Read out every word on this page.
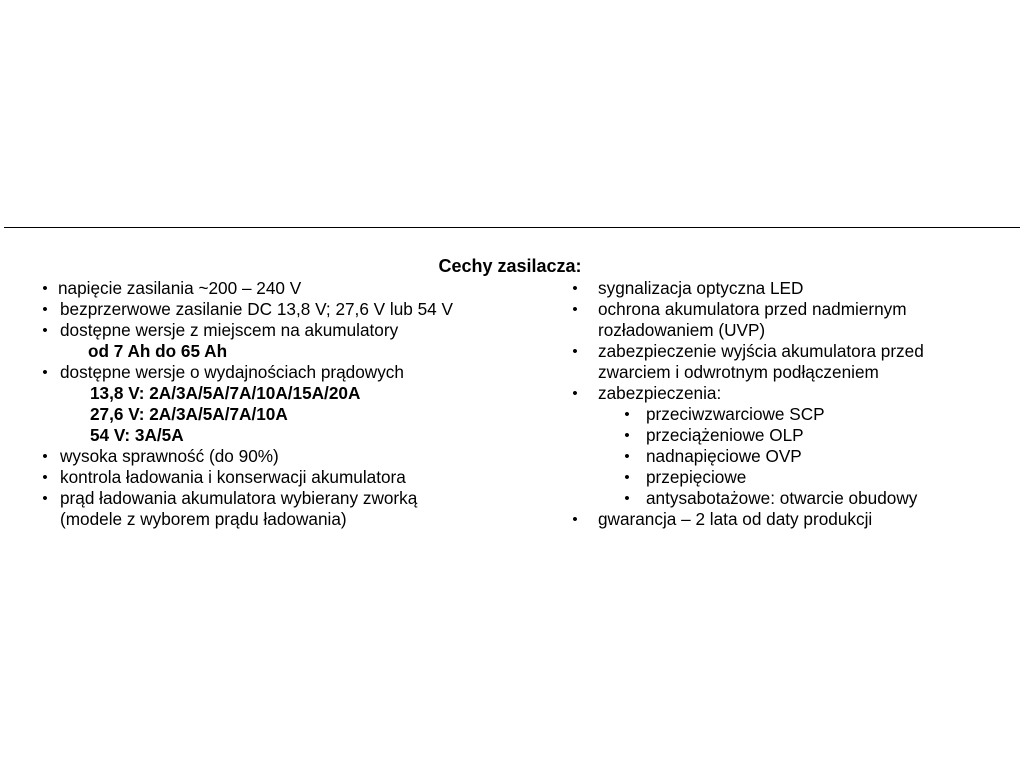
Cechy zasilacza:
• napięcie zasilania ~200 – 240 V
• bezprzerwowe zasilanie DC 13,8 V; 27,6 V lub 54 V
• dostępne wersje z miejscem na akumulatory
od 7 Ah do 65 Ah
• dostępne wersje o wydajnościach prądowych
13,8 V: 2A/3A/5A/7A/10A/15A/20A
27,6 V: 2A/3A/5A/7A/10A
54 V: 3A/5A
• wysoka sprawność (do 90%)
• kontrola ładowania i konserwacji akumulatora
• prąd ładowania akumulatora wybierany zworką
(modele z wyborem prądu ładowania)
• sygnalizacja optyczna LED
• ochrona akumulatora przed nadmiernym
rozładowaniem (UVP)
• zabezpieczenie wyjścia akumulatora przed
zwarciem i odwrotnym podłączeniem
• zabezpieczenia:
• przeciwzwarciowe SCP
• przeciążeniowe OLP
• nadnapięciowe OVP
• przepięciowe
• antysabotażowe: otwarcie obudowy
• gwarancja – 2 lata od daty produkcji
